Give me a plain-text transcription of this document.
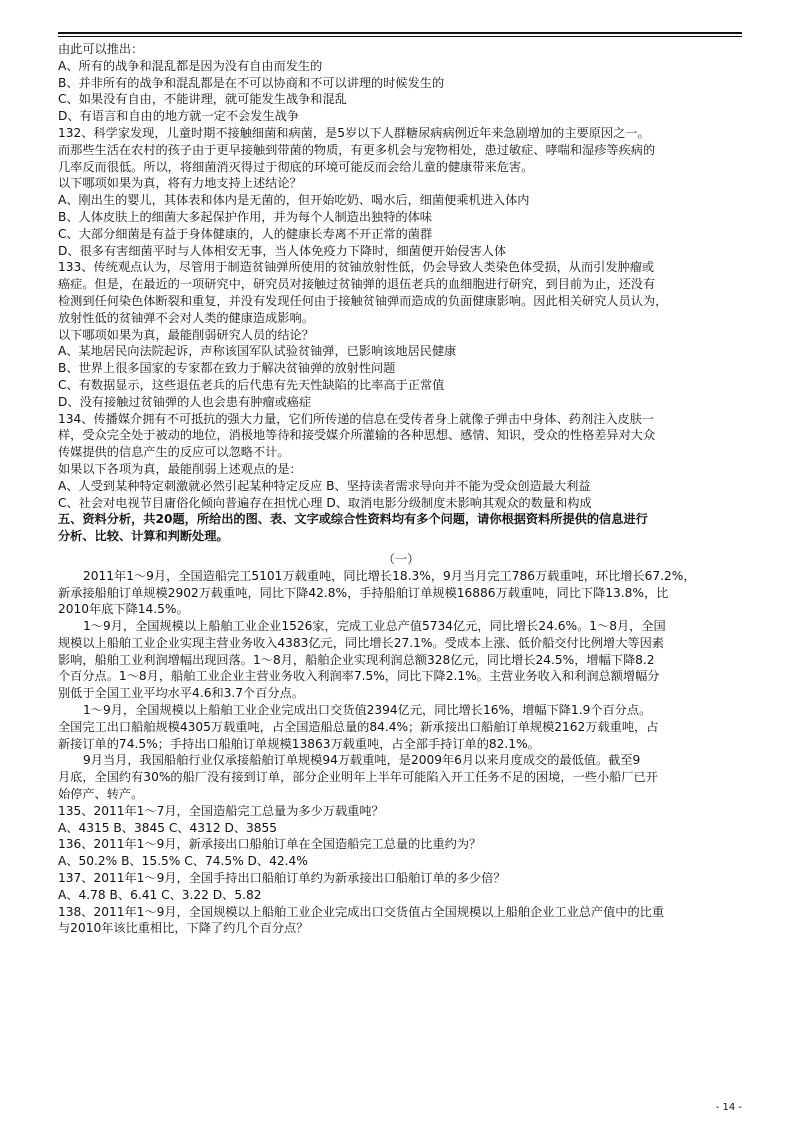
由此可以推出：
A、所有的战争和混乱都是因为没有自由而发生的
B、并非所有的战争和混乱都是在不可以协商和不可以讲理的时候发生的
C、如果没有自由，不能讲理，就可能发生战争和混乱
D、有语言和自由的地方就一定不会发生战争
132、科学家发现，儿童时期不接触细菌和病菌，是5岁以下人群糖尿病病例近年来急剧增加的主要原因之一。
而那些生活在农村的孩子由于更早接触到带菌的物质，有更多机会与宠物相处，患过敏症、哮喘和湿疹等疾病的
几率反而很低。所以，将细菌消灭得过于彻底的环境可能反而会给儿童的健康带来危害。
以下哪项如果为真，将有力地支持上述结论？
A、刚出生的婴儿，其体表和体内是无菌的，但开始吃奶、喝水后，细菌便乘机进入体内
B、人体皮肤上的细菌大多起保护作用，并为每个人制造出独特的体味
C、大部分细菌是有益于身体健康的，人的健康长寿离不开正常的菌群
D、很多有害细菌平时与人体相安无事，当人体免疫力下降时，细菌便开始侵害人体
133、传统观点认为，尽管用于制造贫铀弹所使用的贫铀放射性低，仍会导致人类染色体受损，从而引发肿瘤或
癌症。但是，在最近的一项研究中，研究员对接触过贫铀弹的退伍老兵的血细胞进行研究，到目前为止，还没有
检测到任何染色体断裂和重复，并没有发现任何由于接触贫铀弹而造成的负面健康影响。因此相关研究人员认为，
放射性低的贫铀弹不会对人类的健康造成影响。
以下哪项如果为真，最能削弱研究人员的结论？
A、某地居民向法院起诉，声称该国军队试验贫铀弹，已影响该地居民健康
B、世界上很多国家的专家都在致力于解决贫铀弹的放射性问题
C、有数据显示，这些退伍老兵的后代患有先天性缺陷的比率高于正常值
D、没有接触过贫铀弹的人也会患有肿瘤或癌症
134、传播媒介拥有不可抵抗的强大力量，它们所传递的信息在受传者身上就像子弹击中身体、药剂注入皮肤一
样，受众完全处于被动的地位，消极地等待和接受媒介所灌输的各种思想、感情、知识，受众的性格差异对大众
传媒提供的信息产生的反应可以忽略不计。
如果以下各项为真，最能削弱上述观点的是：
A、人受到某种特定刺激就必然引起某种特定反应 B、坚持读者需求导向并不能为受众创造最大利益
C、社会对电视节目庸俗化倾向普遍存在担忧心理 D、取消电影分级制度未影响其观众的数量和构成
五、资料分析，共20题，所给出的图、表、文字或综合性资料均有多个问题，请你根据资料所提供的信息进行
分析、比较、计算和判断处理。
（一）
2011年1～9月，全国造船完工5101万载重吨，同比增长18.3%，9月当月完工786万载重吨，环比增长67.2%，
新承接船舶订单规模2902万载重吨，同比下降42.8%，手持船舶订单规模16886万载重吨，同比下降13.8%，比
2010年底下降14.5%。
1～9月，全国规模以上船舶工业企业1526家，完成工业总产值5734亿元，同比增长24.6%。1～8月，全国
规模以上船舶工业企业实现主营业务收入4383亿元，同比增长27.1%。受成本上涨、低价船交付比例增大等因素
影响，船舶工业利润增幅出现回落。1～8月，船舶企业实现利润总额328亿元，同比增长24.5%，增幅下降8.2
个百分点。1～8月，船舶工业企业主营业务收入利润率7.5%，同比下降2.1%。主营业务收入和利润总额增幅分
别低于全国工业平均水平4.6和3.7个百分点。
1～9月，全国规模以上船舶工业企业完成出口交货值2394亿元，同比增长16%，增幅下降1.9个百分点。
全国完工出口船舶规模4305万载重吨，占全国造船总量的84.4%；新承接出口船舶订单规模2162万载重吨，占
新接订单的74.5%；手持出口船舶订单规模13863万载重吨，占全部手持订单的82.1%。
9月当月，我国船舶行业仅承接船舶订单规模94万载重吨，是2009年6月以来月度成交的最低值。截至9
月底，全国约有30%的船厂没有接到订单，部分企业明年上半年可能陷入开工任务不足的困境，一些小船厂已开
始停产、转产。
135、2011年1～7月，全国造船完工总量为多少万载重吨？
A、4315 B、3845 C、4312 D、3855
136、2011年1～9月，新承接出口船舶订单在全国造船完工总量的比重约为？
A、50.2% B、15.5% C、74.5% D、42.4%
137、2011年1～9月，全国手持出口船舶订单约为新承接出口船舶订单的多少倍？
A、4.78 B、6.41 C、3.22 D、5.82
138、2011年1～9月，全国规模以上船舶工业企业完成出口交货值占全国规模以上船舶企业工业总产值中的比重
与2010年该比重相比，下降了约几个百分点？
- 14 -
